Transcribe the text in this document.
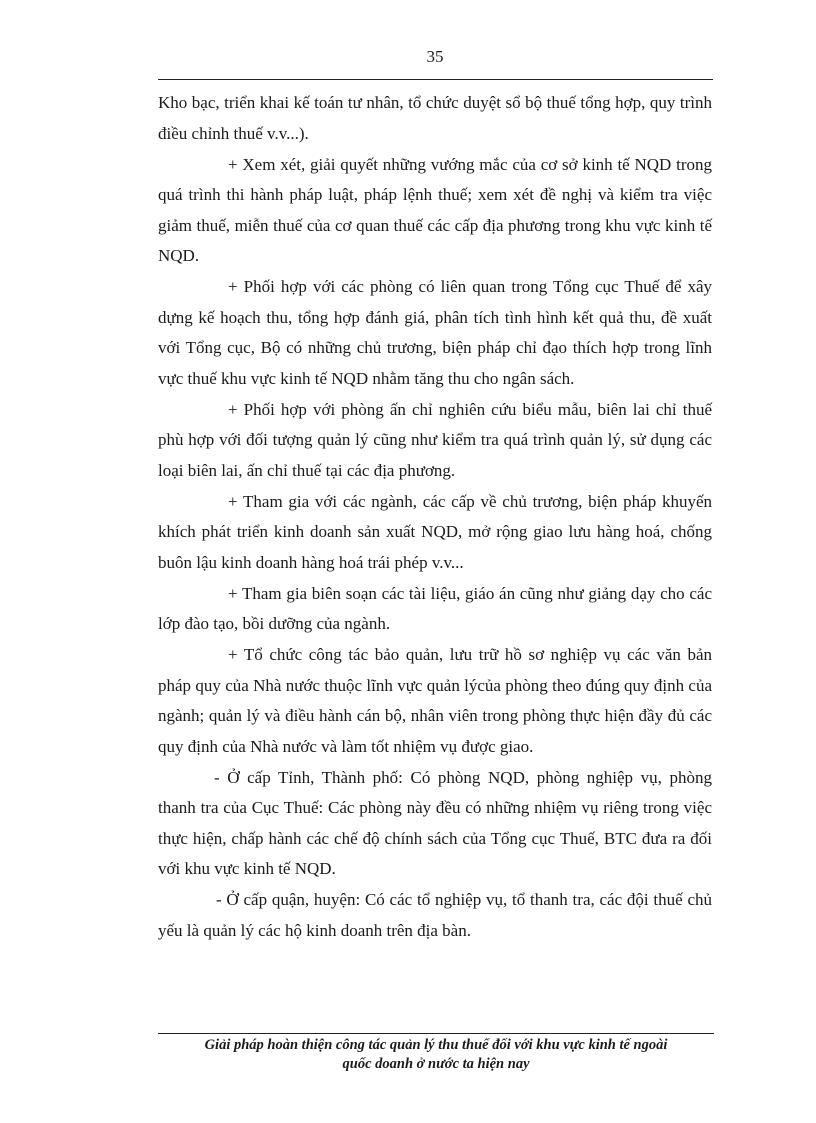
35

Kho bạc, triển khai kế toán tư nhân, tổ chức duyệt sổ bộ thuế tổng hợp, quy trình điều chỉnh thuế v.v...).

+ Xem xét, giải quyết những vướng mắc của cơ sở kinh tế NQD trong quá trình thi hành pháp luật, pháp lệnh thuế; xem xét đề nghị và kiểm tra việc giảm thuế, miễn thuế của cơ quan thuế các cấp địa phương trong khu vực kinh tế NQD.

+ Phối hợp với các phòng có liên quan trong Tổng cục Thuế để xây dựng kế hoạch thu, tổng hợp đánh giá, phân tích tình hình kết quả thu, đề xuất với Tổng cục, Bộ có những chủ trương, biện pháp chỉ đạo thích hợp trong lĩnh vực thuế khu vực kinh tế NQD nhằm tăng thu cho ngân sách.

+ Phối hợp với phòng ấn chỉ nghiên cứu biểu mẫu, biên lai chỉ thuế phù hợp với đối tượng quản lý cũng như kiểm tra quá trình quản lý, sử dụng các loại biên lai, ấn chỉ thuế tại các địa phương.

+ Tham gia với các ngành, các cấp về chủ trương, biện pháp khuyến khích phát triển kinh doanh sản xuất NQD, mở rộng giao lưu hàng hoá, chống buôn lậu kinh doanh hàng hoá trái phép v.v...

+ Tham gia biên soạn các tài liệu, giáo án cũng như giảng dạy cho các lớp đào tạo, bồi dưỡng của ngành.

+ Tổ chức công tác bảo quản, lưu trữ hồ sơ nghiệp vụ các văn bản pháp quy của Nhà nước thuộc lĩnh vực quản lýcủa phòng theo đúng quy định của ngành; quản lý và điều hành cán bộ, nhân viên trong phòng thực hiện đầy đủ các quy định của Nhà nước và làm tốt nhiệm vụ được giao.

- Ở cấp Tỉnh, Thành phố: Có phòng NQD, phòng nghiệp vụ, phòng thanh tra của Cục Thuế: Các phòng này đều có những nhiệm vụ riêng trong việc thực hiện, chấp hành các chế độ chính sách của Tổng cục Thuế, BTC đưa ra đối với khu vực kinh tế NQD.

- Ở cấp quận, huyện: Có các tổ nghiệp vụ, tổ thanh tra, các đội thuế chủ yếu là quản lý các hộ kinh doanh trên địa bàn.

Giải pháp hoàn thiện công tác quản lý thu thuế đối với khu vực kinh tế ngoài
quốc doanh ở nước ta hiện nay
